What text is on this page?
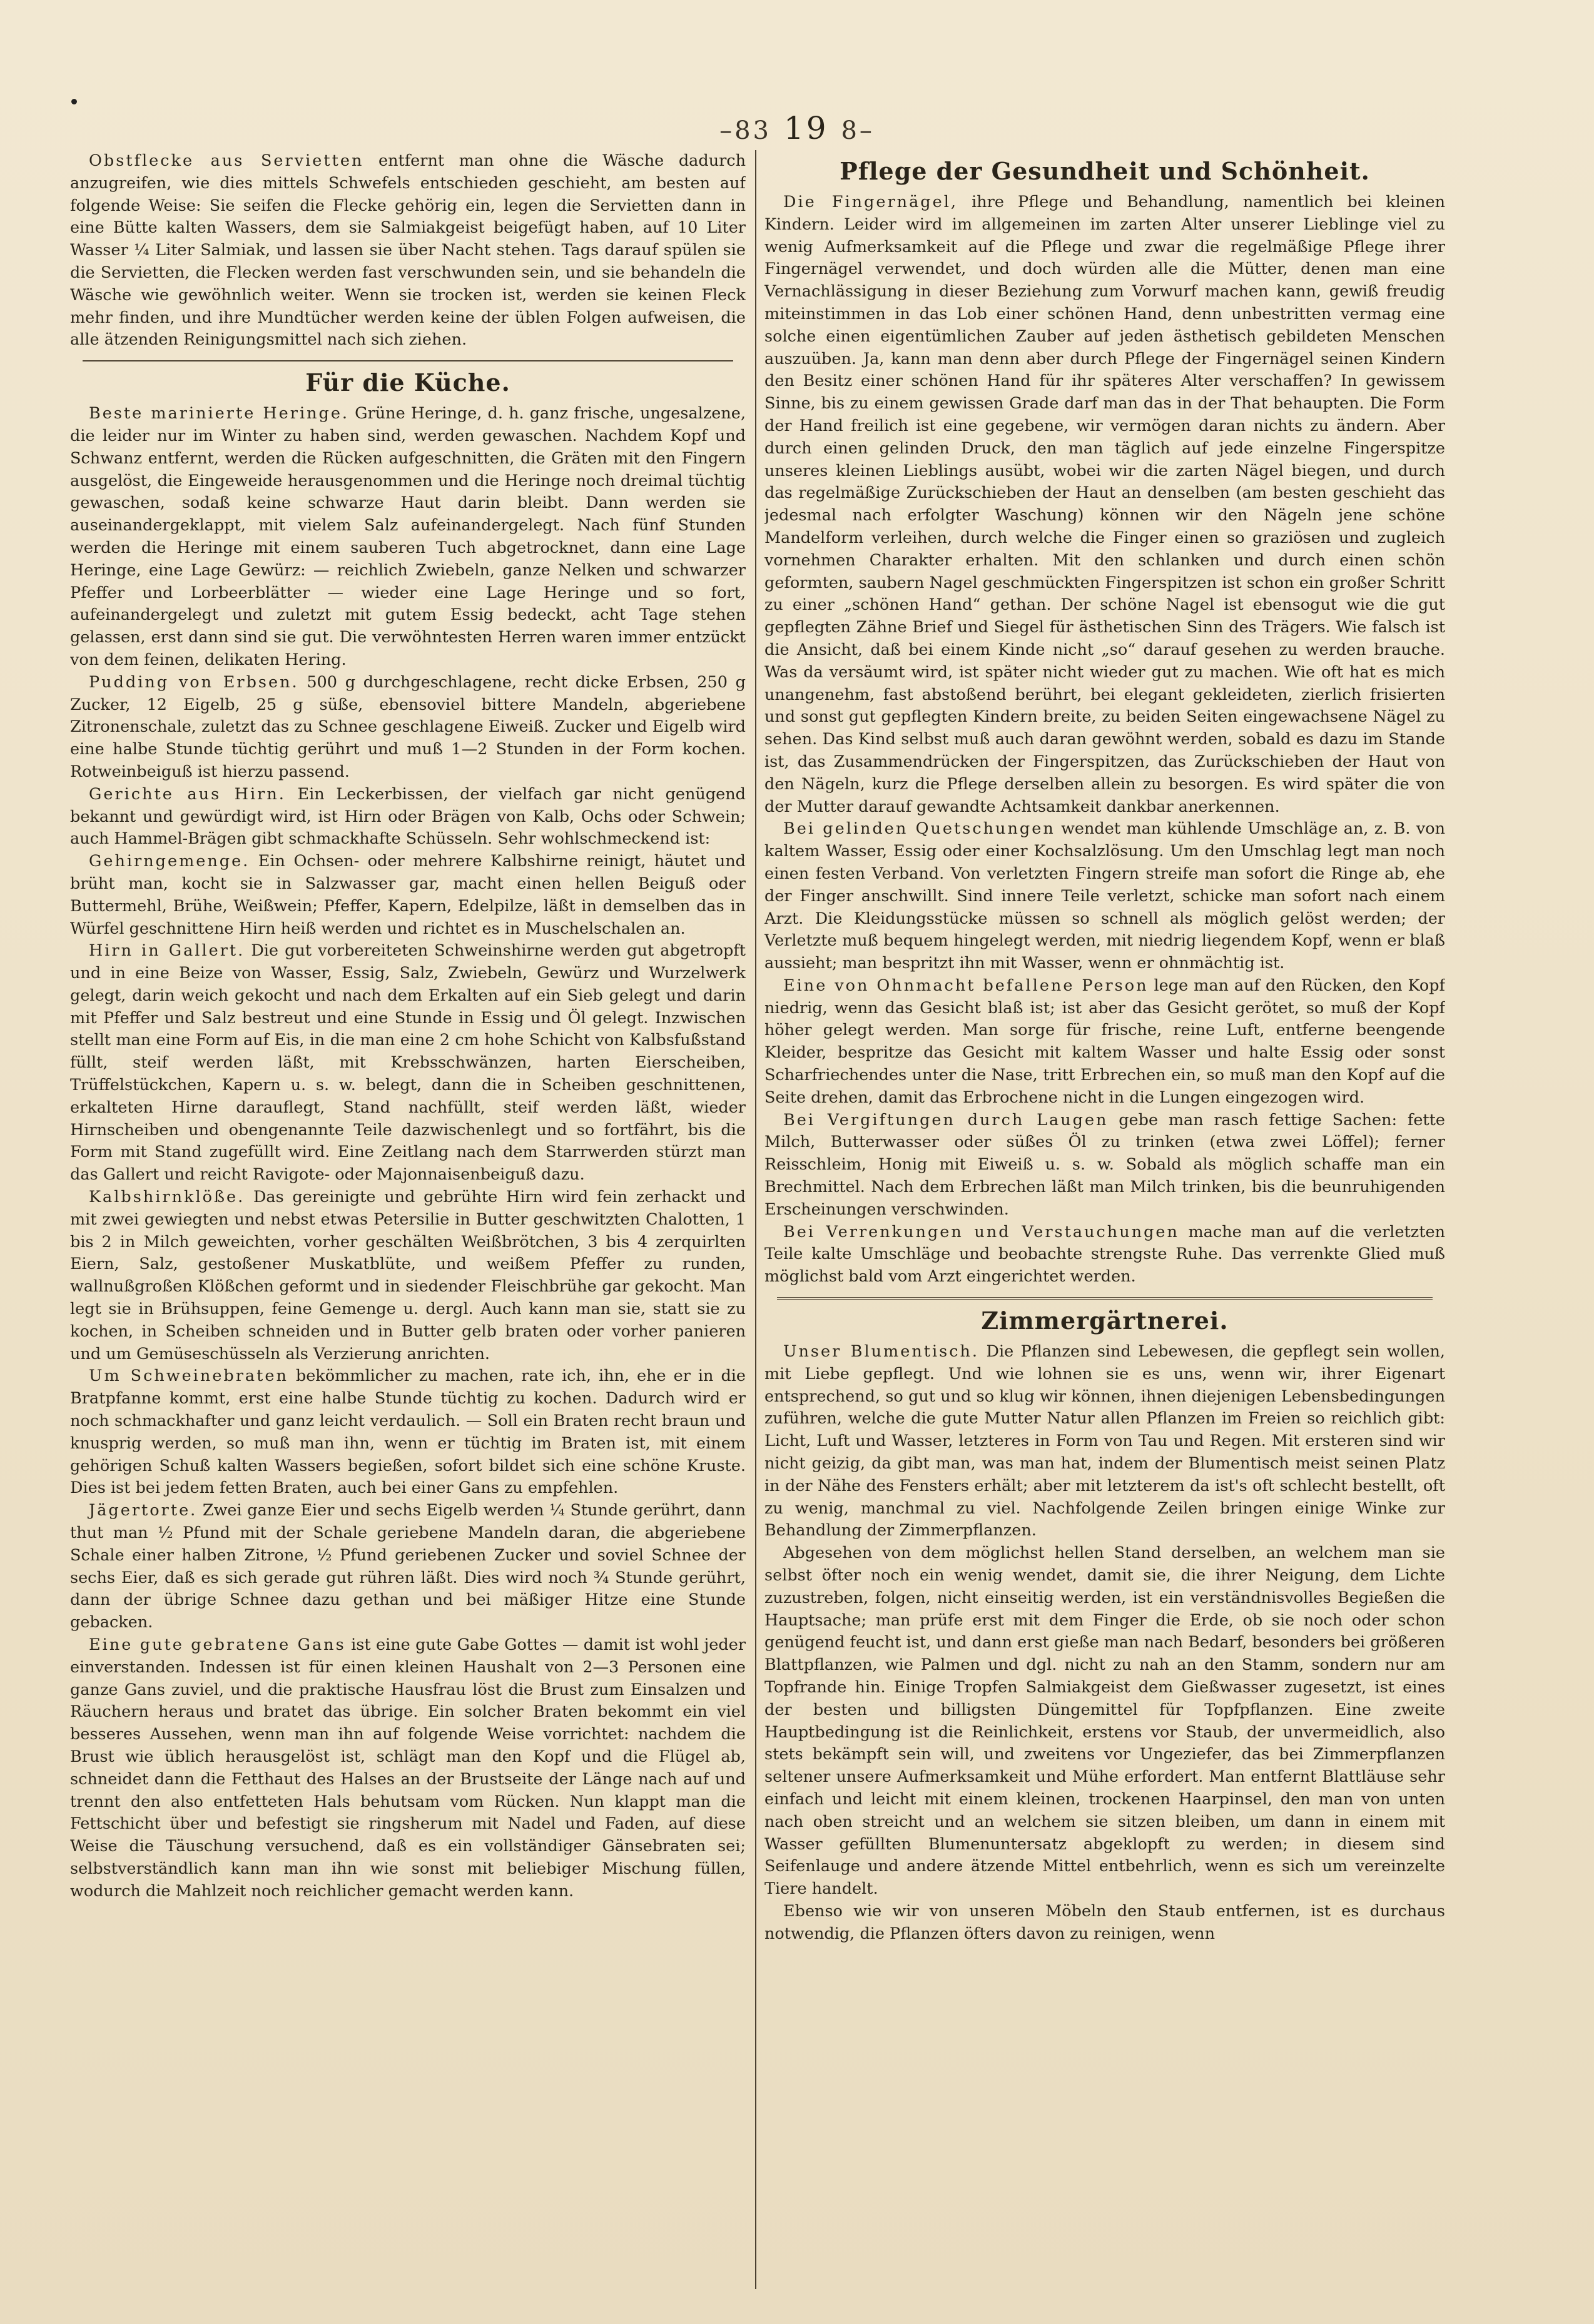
–83 19 8–

Obstflecke aus Servietten entfernt man ohne die Wäsche dadurch anzugreifen, wie dies mittels Schwefels entschieden geschieht, am besten auf folgende Weise: Sie seifen die Flecke gehörig ein, legen die Servietten dann in eine Bütte kalten Wassers, dem sie Salmiakgeist beigefügt haben, auf 10 Liter Wasser ¼ Liter Salmiak, und lassen sie über Nacht stehen. Tags darauf spülen sie die Servietten, die Flecken werden fast verschwunden sein, und sie behandeln die Wäsche wie gewöhnlich weiter. Wenn sie trocken ist, werden sie keinen Fleck mehr finden, und ihre Mundtücher werden keine der üblen Folgen aufweisen, die alle ätzenden Reinigungsmittel nach sich ziehen.

Für die Küche.

Beste marinierte Heringe. Grüne Heringe, d. h. ganz frische, ungesalzene, die leider nur im Winter zu haben sind, werden gewaschen. Nachdem Kopf und Schwanz entfernt, werden die Rücken aufgeschnitten, die Gräten mit den Fingern ausgelöst, die Eingeweide herausgenommen und die Heringe noch dreimal tüchtig gewaschen, sodaß keine schwarze Haut darin bleibt. Dann werden sie auseinandergeklappt, mit vielem Salz aufeinandergelegt. Nach fünf Stunden werden die Heringe mit einem sauberen Tuch abgetrocknet, dann eine Lage Heringe, eine Lage Gewürz: — reichlich Zwiebeln, ganze Nelken und schwarzer Pfeffer und Lorbeerblätter — wieder eine Lage Heringe und so fort, aufeinandergelegt und zuletzt mit gutem Essig bedeckt, acht Tage stehen gelassen, erst dann sind sie gut. Die verwöhntesten Herren waren immer entzückt von dem feinen, delikaten Hering.

Pudding von Erbsen. 500 g durchgeschlagene, recht dicke Erbsen, 250 g Zucker, 12 Eigelb, 25 g süße, ebensoviel bittere Mandeln, abgeriebene Zitronenschale, zuletzt das zu Schnee geschlagene Eiweiß. Zucker und Eigelb wird eine halbe Stunde tüchtig gerührt und muß 1—2 Stunden in der Form kochen. Rotweinbeiguß ist hierzu passend.

Gerichte aus Hirn. Ein Leckerbissen, der vielfach gar nicht genügend bekannt und gewürdigt wird, ist Hirn oder Brägen von Kalb, Ochs oder Schwein; auch Hammel-Brägen gibt schmackhafte Schüsseln. Sehr wohlschmeckend ist:

Gehirngemenge. Ein Ochsen- oder mehrere Kalbshirne reinigt, häutet und brüht man, kocht sie in Salzwasser gar, macht einen hellen Beiguß oder Buttermehl, Brühe, Weißwein; Pfeffer, Kapern, Edelpilze, läßt in demselben das in Würfel geschnittene Hirn heiß werden und richtet es in Muschelschalen an.

Hirn in Gallert. Die gut vorbereiteten Schweinshirne werden gut abgetropft und in eine Beize von Wasser, Essig, Salz, Zwiebeln, Gewürz und Wurzelwerk gelegt, darin weich gekocht und nach dem Erkalten auf ein Sieb gelegt und darin mit Pfeffer und Salz bestreut und eine Stunde in Essig und Öl gelegt. Inzwischen stellt man eine Form auf Eis, in die man eine 2 cm hohe Schicht von Kalbsfußstand füllt, steif werden läßt, mit Krebsschwänzen, harten Eierscheiben, Trüffelstückchen, Kapern u. s. w. belegt, dann die in Scheiben geschnittenen, erkalteten Hirne darauflegt, Stand nachfüllt, steif werden läßt, wieder Hirnscheiben und obengenannte Teile dazwischenlegt und so fortfährt, bis die Form mit Stand zugefüllt wird. Eine Zeitlang nach dem Starrwerden stürzt man das Gallert und reicht Ravigote- oder Majonnaisenbeiguß dazu.

Kalbshirnklöße. Das gereinigte und gebrühte Hirn wird fein zerhackt und mit zwei gewiegten und nebst etwas Petersilie in Butter geschwitzten Chalotten, 1 bis 2 in Milch geweichten, vorher geschälten Weißbrötchen, 3 bis 4 zerquirlten Eiern, Salz, gestoßener Muskatblüte, und weißem Pfeffer zu runden, wallnußgroßen Klößchen geformt und in siedender Fleischbrühe gar gekocht. Man legt sie in Brühsuppen, feine Gemenge u. dergl. Auch kann man sie, statt sie zu kochen, in Scheiben schneiden und in Butter gelb braten oder vorher panieren und um Gemüseschüsseln als Verzierung anrichten.

Um Schweinebraten bekömmlicher zu machen, rate ich, ihn, ehe er in die Bratpfanne kommt, erst eine halbe Stunde tüchtig zu kochen. Dadurch wird er noch schmackhafter und ganz leicht verdaulich. — Soll ein Braten recht braun und knusprig werden, so muß man ihn, wenn er tüchtig im Braten ist, mit einem gehörigen Schuß kalten Wassers begießen, sofort bildet sich eine schöne Kruste. Dies ist bei jedem fetten Braten, auch bei einer Gans zu empfehlen.

Jägertorte. Zwei ganze Eier und sechs Eigelb werden ¼ Stunde gerührt, dann thut man ½ Pfund mit der Schale geriebene Mandeln daran, die abgeriebene Schale einer halben Zitrone, ½ Pfund geriebenen Zucker und soviel Schnee der sechs Eier, daß es sich gerade gut rühren läßt. Dies wird noch ¾ Stunde gerührt, dann der übrige Schnee dazu gethan und bei mäßiger Hitze eine Stunde gebacken.

Eine gute gebratene Gans ist eine gute Gabe Gottes — damit ist wohl jeder einverstanden. Indessen ist für einen kleinen Haushalt von 2—3 Personen eine ganze Gans zuviel, und die praktische Hausfrau löst die Brust zum Einsalzen und Räuchern heraus und bratet das übrige. Ein solcher Braten bekommt ein viel besseres Aussehen, wenn man ihn auf folgende Weise vorrichtet: nachdem die Brust wie üblich herausgelöst ist, schlägt man den Kopf und die Flügel ab, schneidet dann die Fetthaut des Halses an der Brustseite der Länge nach auf und trennt den also entfetteten Hals behutsam vom Rücken. Nun klappt man die Fettschicht über und befestigt sie ringsherum mit Nadel und Faden, auf diese Weise die Täuschung versuchend, daß es ein vollständiger Gänsebraten sei; selbstverständlich kann man ihn wie sonst mit beliebiger Mischung füllen, wodurch die Mahlzeit noch reichlicher gemacht werden kann.

Pflege der Gesundheit und Schönheit.

Die Fingernägel, ihre Pflege und Behandlung, namentlich bei kleinen Kindern. Leider wird im allgemeinen im zarten Alter unserer Lieblinge viel zu wenig Aufmerksamkeit auf die Pflege und zwar die regelmäßige Pflege ihrer Fingernägel verwendet, und doch würden alle die Mütter, denen man eine Vernachlässigung in dieser Beziehung zum Vorwurf machen kann, gewiß freudig miteinstimmen in das Lob einer schönen Hand, denn unbestritten vermag eine solche einen eigentümlichen Zauber auf jeden ästhetisch gebildeten Menschen auszuüben. Ja, kann man denn aber durch Pflege der Fingernägel seinen Kindern den Besitz einer schönen Hand für ihr späteres Alter verschaffen? In gewissem Sinne, bis zu einem gewissen Grade darf man das in der That behaupten. Die Form der Hand freilich ist eine gegebene, wir vermögen daran nichts zu ändern. Aber durch einen gelinden Druck, den man täglich auf jede einzelne Fingerspitze unseres kleinen Lieblings ausübt, wobei wir die zarten Nägel biegen, und durch das regelmäßige Zurückschieben der Haut an denselben (am besten geschieht das jedesmal nach erfolgter Waschung) können wir den Nägeln jene schöne Mandelform verleihen, durch welche die Finger einen so graziösen und zugleich vornehmen Charakter erhalten. Mit den schlanken und durch einen schön geformten, saubern Nagel geschmückten Fingerspitzen ist schon ein großer Schritt zu einer „schönen Hand“ gethan. Der schöne Nagel ist ebensogut wie die gut gepflegten Zähne Brief und Siegel für ästhetischen Sinn des Trägers. Wie falsch ist die Ansicht, daß bei einem Kinde nicht „so“ darauf gesehen zu werden brauche. Was da versäumt wird, ist später nicht wieder gut zu machen. Wie oft hat es mich unangenehm, fast abstoßend berührt, bei elegant gekleideten, zierlich frisierten und sonst gut gepflegten Kindern breite, zu beiden Seiten eingewachsene Nägel zu sehen. Das Kind selbst muß auch daran gewöhnt werden, sobald es dazu im Stande ist, das Zusammendrücken der Fingerspitzen, das Zurückschieben der Haut von den Nägeln, kurz die Pflege derselben allein zu besorgen. Es wird später die von der Mutter darauf gewandte Achtsamkeit dankbar anerkennen.

Bei gelinden Quetschungen wendet man kühlende Umschläge an, z. B. von kaltem Wasser, Essig oder einer Kochsalzlösung. Um den Umschlag legt man noch einen festen Verband. Von verletzten Fingern streife man sofort die Ringe ab, ehe der Finger anschwillt. Sind innere Teile verletzt, schicke man sofort nach einem Arzt. Die Kleidungsstücke müssen so schnell als möglich gelöst werden; der Verletzte muß bequem hingelegt werden, mit niedrig liegendem Kopf, wenn er blaß aussieht; man bespritzt ihn mit Wasser, wenn er ohnmächtig ist.

Eine von Ohnmacht befallene Person lege man auf den Rücken, den Kopf niedrig, wenn das Gesicht blaß ist; ist aber das Gesicht gerötet, so muß der Kopf höher gelegt werden. Man sorge für frische, reine Luft, entferne beengende Kleider, bespritze das Gesicht mit kaltem Wasser und halte Essig oder sonst Scharfriechendes unter die Nase, tritt Erbrechen ein, so muß man den Kopf auf die Seite drehen, damit das Erbrochene nicht in die Lungen eingezogen wird.

Bei Vergiftungen durch Laugen gebe man rasch fettige Sachen: fette Milch, Butterwasser oder süßes Öl zu trinken (etwa zwei Löffel); ferner Reisschleim, Honig mit Eiweiß u. s. w. Sobald als möglich schaffe man ein Brechmittel. Nach dem Erbrechen läßt man Milch trinken, bis die beunruhigenden Erscheinungen verschwinden.

Bei Verrenkungen und Verstauchungen mache man auf die verletzten Teile kalte Umschläge und beobachte strengste Ruhe. Das verrenkte Glied muß möglichst bald vom Arzt eingerichtet werden.

Zimmergärtnerei.

Unser Blumentisch. Die Pflanzen sind Lebewesen, die gepflegt sein wollen, mit Liebe gepflegt. Und wie lohnen sie es uns, wenn wir, ihrer Eigenart entsprechend, so gut und so klug wir können, ihnen diejenigen Lebensbedingungen zuführen, welche die gute Mutter Natur allen Pflanzen im Freien so reichlich gibt: Licht, Luft und Wasser, letzteres in Form von Tau und Regen. Mit ersteren sind wir nicht geizig, da gibt man, was man hat, indem der Blumentisch meist seinen Platz in der Nähe des Fensters erhält; aber mit letzterem da ist's oft schlecht bestellt, oft zu wenig, manchmal zu viel. Nachfolgende Zeilen bringen einige Winke zur Behandlung der Zimmerpflanzen.

Abgesehen von dem möglichst hellen Stand derselben, an welchem man sie selbst öfter noch ein wenig wendet, damit sie, die ihrer Neigung, dem Lichte zuzustreben, folgen, nicht einseitig werden, ist ein verständnisvolles Begießen die Hauptsache; man prüfe erst mit dem Finger die Erde, ob sie noch oder schon genügend feucht ist, und dann erst gieße man nach Bedarf, besonders bei größeren Blattpflanzen, wie Palmen und dgl. nicht zu nah an den Stamm, sondern nur am Topfrande hin. Einige Tropfen Salmiakgeist dem Gießwasser zugesetzt, ist eines der besten und billigsten Düngemittel für Topfpflanzen. Eine zweite Hauptbedingung ist die Reinlichkeit, erstens vor Staub, der unvermeidlich, also stets bekämpft sein will, und zweitens vor Ungeziefer, das bei Zimmerpflanzen seltener unsere Aufmerksamkeit und Mühe erfordert. Man entfernt Blattläuse sehr einfach und leicht mit einem kleinen, trockenen Haarpinsel, den man von unten nach oben streicht und an welchem sie sitzen bleiben, um dann in einem mit Wasser gefüllten Blumenuntersatz abgeklopft zu werden; in diesem sind Seifenlauge und andere ätzende Mittel entbehrlich, wenn es sich um vereinzelte Tiere handelt.

Ebenso wie wir von unseren Möbeln den Staub entfernen, ist es durchaus notwendig, die Pflanzen öfters davon zu reinigen, wenn
